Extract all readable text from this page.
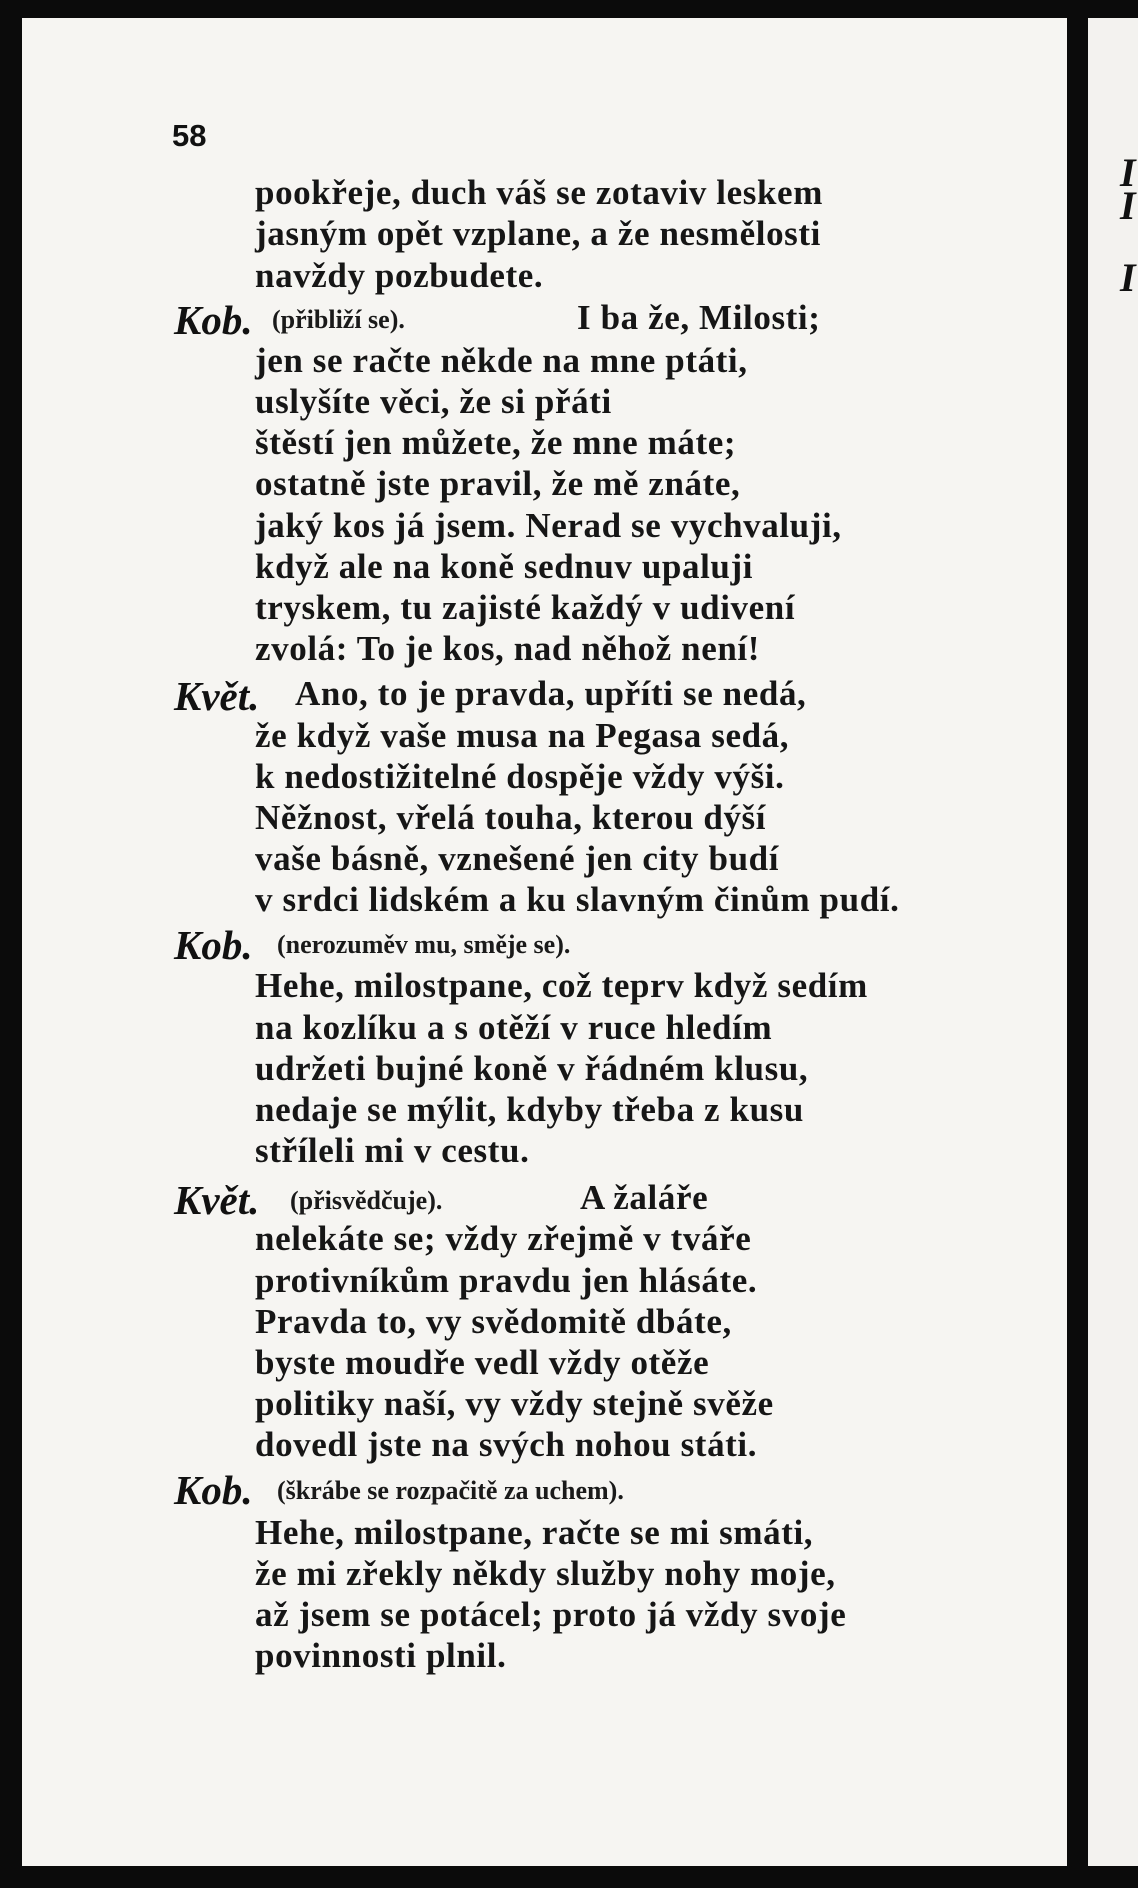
I
I
I
58
pookřeje, duch váš se zotaviv leskem
jasným opět vzplane, a že nesmělosti
navždy pozbudete.
Kob. (přibliží se).	I ba že, Milosti;
jen se račte někde na mne ptáti,
uslyšíte věci, že si přáti
štěstí jen můžete, že mne máte;
ostatně jste pravil, že mě znáte,
jaký kos já jsem. Nerad se vychvaluji,
když ale na koně sednuv upaluji
tryskem, tu zajisté každý v udivení
zvolá: To je kos, nad něhož není!
Květ. Ano, to je pravda, upříti se nedá,
že když vaše musa na Pegasa sedá,
k nedostižitelné dospěje vždy výši.
Něžnost, vřelá touha, kterou dýší
vaše básně, vznešené jen city budí
v srdci lidském a ku slavným činům pudí.
Kob. (nerozuměv mu, směje se).
Hehe, milostpane, což teprv když sedím
na kozlíku a s otěží v ruce hledím
udržeti bujné koně v řádném klusu,
nedaje se mýlit, kdyby třeba z kusu
stříleli mi v cestu.
Květ. (přisvědčuje).	A žaláře
nelekáte se; vždy zřejmě v tváře
protivníkům pravdu jen hlásáte.
Pravda to, vy svědomitě dbáte,
byste moudře vedl vždy otěže
politiky naší, vy vždy stejně svěže
dovedl jste na svých nohou státi.
Kob. (škrábe se rozpačitě za uchem).
Hehe, milostpane, račte se mi smáti,
že mi zřekly někdy služby nohy moje,
až jsem se potácel; proto já vždy svoje
povinnosti plnil.
